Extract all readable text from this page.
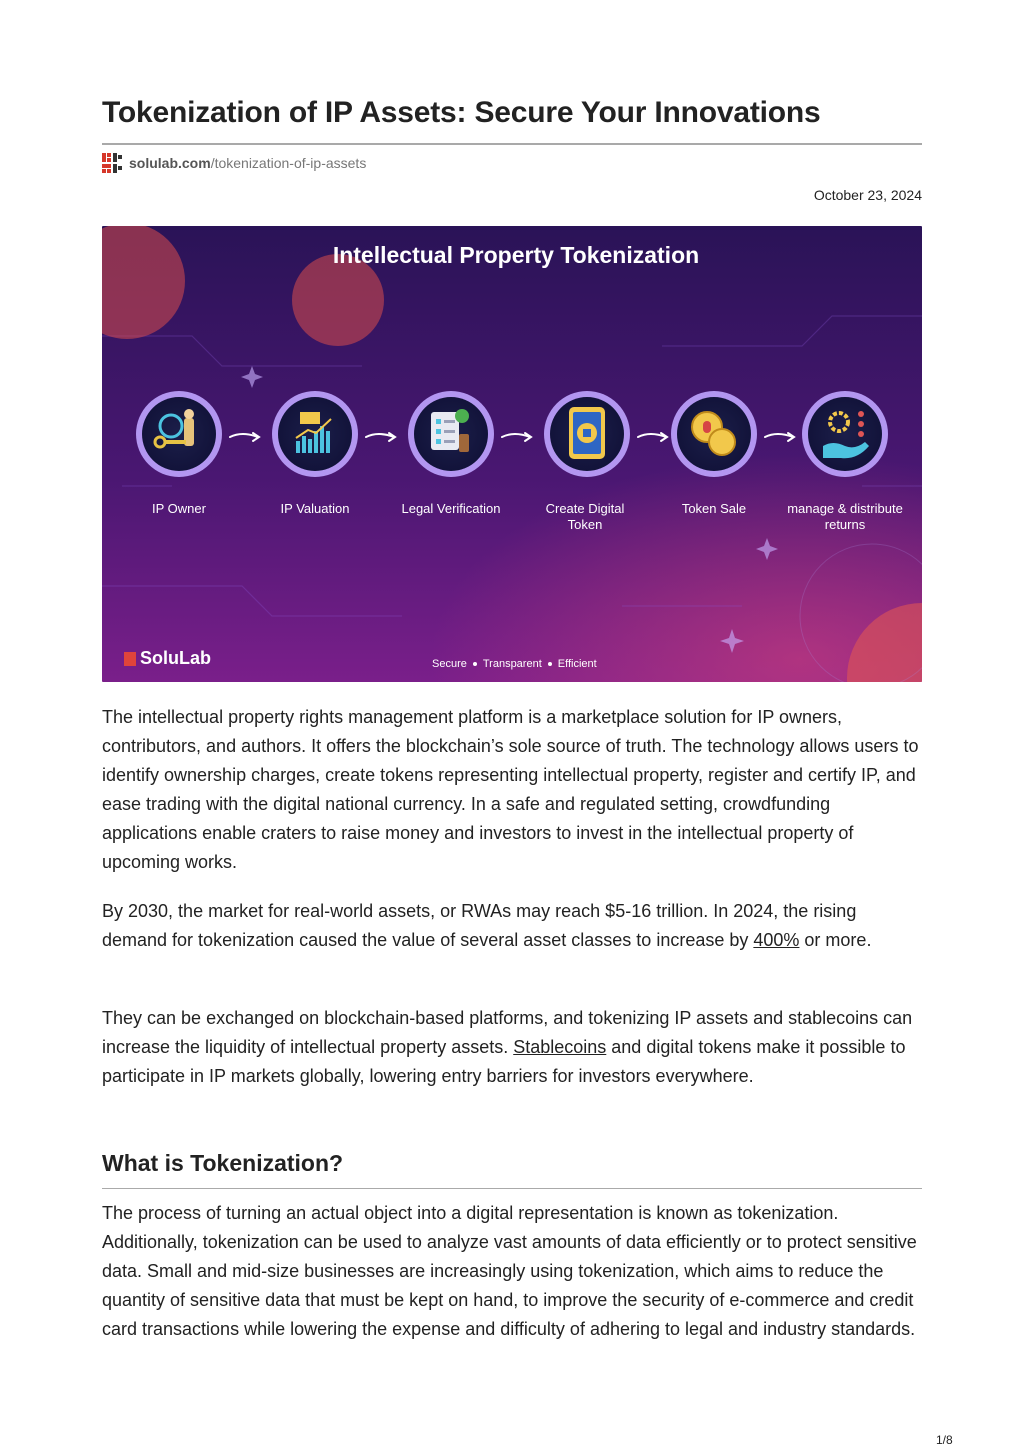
Tokenization of IP Assets: Secure Your Innovations
solulab.com/tokenization-of-ip-assets
October 23, 2024
Intellectual Property Tokenization
IP Owner	IP Valuation	Legal Verification	Create Digital Token
Token Sale	manage & distribute returns
SoluLab	Secure Transparent Efficient

The intellectual property rights management platform is a marketplace solution for IP owners, contributors, and authors. It offers the blockchain’s sole source of truth. The technology allows users to identify ownership charges, create tokens representing intellectual property, register and certify IP, and ease trading with the digital national currency. In a safe and regulated setting, crowdfunding applications enable craters to raise money and investors to invest in the intellectual property of upcoming works.

By 2030, the market for real-world assets, or RWAs may reach $5-16 trillion. In 2024, the rising demand for tokenization caused the value of several asset classes to increase by 400% or more.

They can be exchanged on blockchain-based platforms, and tokenizing IP assets and stablecoins can increase the liquidity of intellectual property assets. Stablecoins and digital tokens make it possible to participate in IP markets globally, lowering entry barriers for investors everywhere.

What is Tokenization?

The process of turning an actual object into a digital representation is known as tokenization. Additionally, tokenization can be used to analyze vast amounts of data efficiently or to protect sensitive data. Small and mid-size businesses are increasingly using tokenization, which aims to reduce the quantity of sensitive data that must be kept on hand, to improve the security of e-commerce and credit card transactions while lowering the expense and difficulty of adhering to legal and industry standards.

1/8
